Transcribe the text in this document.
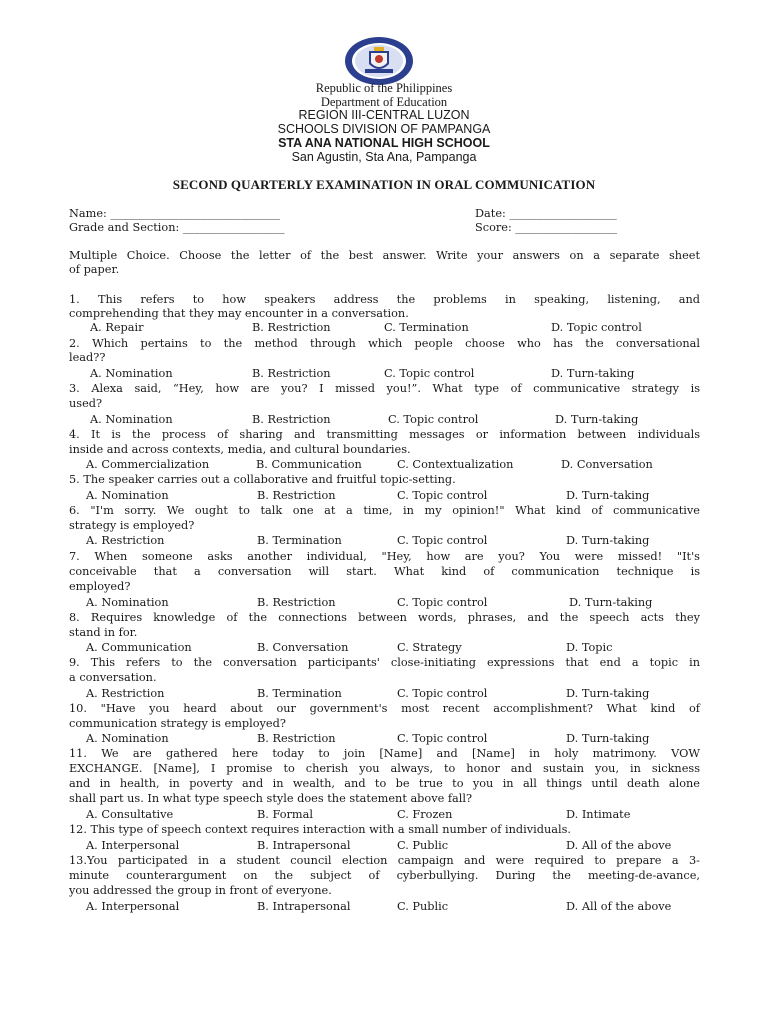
Republic of the Philippines
Department of Education
REGION III-CENTRAL LUZON
SCHOOLS DIVISION OF PAMPANGA
STA ANA NATIONAL HIGH SCHOOL
San Agustin, Sta Ana, Pampanga
SECOND QUARTERLY EXAMINATION IN ORAL COMMUNICATION
Name: ______________________________	Date: ___________________
Grade and Section: __________________	Score: __________________
Multiple Choice. Choose the letter of the best answer. Write your answers on a separate sheet
of paper.
1. This refers to how speakers address the problems in speaking, listening, and
comprehending that they may encounter in a conversation.
A. Repair	B. Restriction	C. Termination	D. Topic control
2. Which pertains to the method through which people choose who has the conversational
lead??
A. Nomination	B. Restriction	C. Topic control	D. Turn-taking
3. Alexa said, “Hey, how are you? I missed you!”. What type of communicative strategy is
used?
A. Nomination	B. Restriction	C. Topic control	D. Turn-taking
4. It is the process of sharing and transmitting messages or information between individuals
inside and across contexts, media, and cultural boundaries.
A. Commercialization	B. Communication	C. Contextualization	D. Conversation
5. The speaker carries out a collaborative and fruitful topic-setting.
A. Nomination	B. Restriction	C. Topic control	D. Turn-taking
6. "I'm sorry. We ought to talk one at a time, in my opinion!" What kind of communicative
strategy is employed?
A. Restriction	B. Termination	C. Topic control	D. Turn-taking
7. When someone asks another individual, "Hey, how are you? You were missed! "It's
conceivable that a conversation will start. What kind of communication technique is
employed?
A. Nomination	B. Restriction	C. Topic control	D. Turn-taking
8. Requires knowledge of the connections between words, phrases, and the speech acts they
stand in for.
A. Communication	B. Conversation	C. Strategy	D. Topic
9. This refers to the conversation participants' close-initiating expressions that end a topic in
a conversation.
A. Restriction	B. Termination	C. Topic control	D. Turn-taking
10. "Have you heard about our government's most recent accomplishment? What kind of
communication strategy is employed?
A. Nomination	B. Restriction	C. Topic control	D. Turn-taking
11. We are gathered here today to join [Name] and [Name] in holy matrimony. VOW
EXCHANGE. [Name], I promise to cherish you always, to honor and sustain you, in sickness
and in health, in poverty and in wealth, and to be true to you in all things until death alone
shall part us. In what type speech style does the statement above fall?
A. Consultative	B. Formal	C. Frozen	D. Intimate
12. This type of speech context requires interaction with a small number of individuals.
A. Interpersonal	B. Intrapersonal	C. Public	D. All of the above
13.You participated in a student council election campaign and were required to prepare a 3-
minute counterargument on the subject of cyberbullying. During the meeting-de-avance,
you addressed the group in front of everyone.
A. Interpersonal	B. Intrapersonal	C. Public	D. All of the above
